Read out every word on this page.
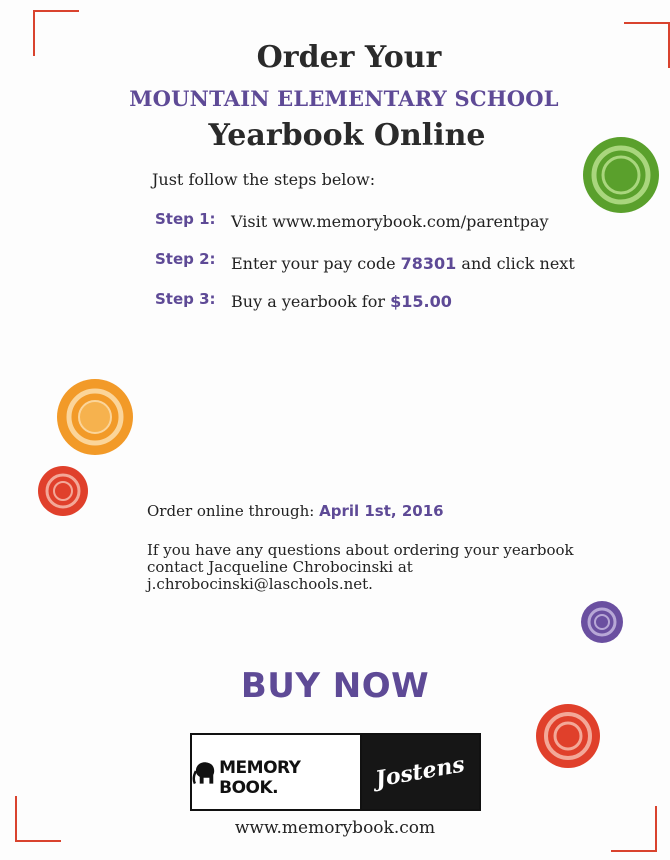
Order Your
MOUNTAIN ELEMENTARY SCHOOL
Yearbook Online
Just follow the steps below:
Step 1: Visit www.memorybook.com/parentpay
Step 2: Enter your pay code 78301 and click next
Step 3: Buy a yearbook for $15.00
Order online through: April 1st, 2016
If you have any questions about ordering your yearbook
contact Jacqueline Chrobocinski at
j.chrobocinski@laschools.net.
BUY NOW
MEMORY BOOK.	Jostens
www.memorybook.com
